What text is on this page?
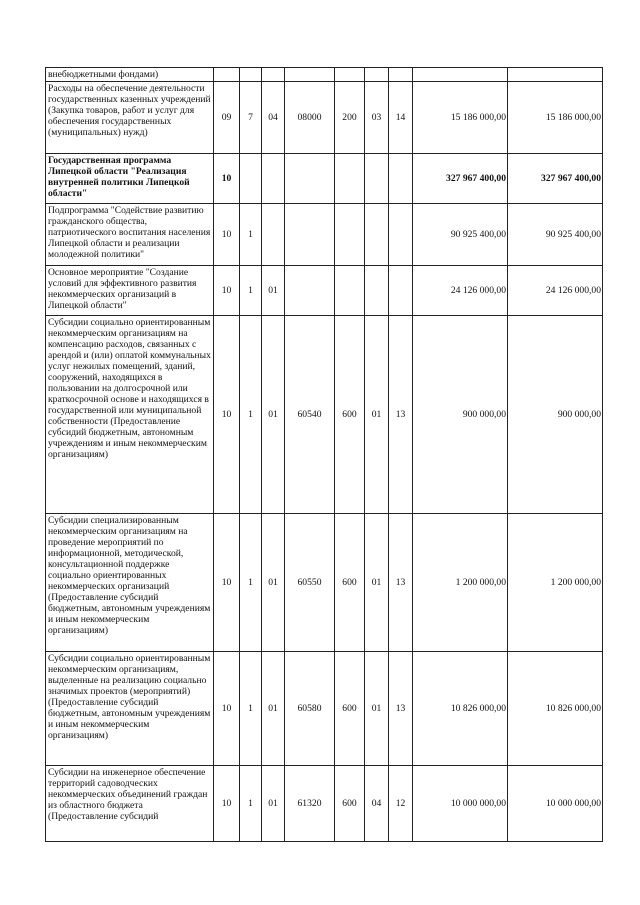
внебюджетными фондами)									
Расходы на обеспечение деятельности государственных казенных учреждений (Закупка товаров, работ и услуг для обеспечения государственных (муниципальных) нужд)	09	7	04	08000	200	03	14	15 186 000,00	15 186 000,00
Государственная программа Липецкой области "Реализация внутренней политики Липецкой области"	10							327 967 400,00	327 967 400,00
Подпрограмма "Содействие развитию гражданского общества, патриотического воспитания населения Липецкой области и реализации молодежной политики"	10	1						90 925 400,00	90 925 400,00
Основное мероприятие "Создание условий для эффективного развития некоммерческих организаций в Липецкой области"	10	1	01					24 126 000,00	24 126 000,00
Субсидии социально ориентированным некоммерческим организациям на компенсацию расходов, связанных с арендой и (или) оплатой коммунальных услуг нежилых помещений, зданий, сооружений, находящихся в пользовании на долгосрочной или краткосрочной основе и находящихся в государственной или муниципальной собственности (Предоставление субсидий бюджетным, автономным учреждениям и иным некоммерческим организациям)	10	1	01	60540	600	01	13	900 000,00	900 000,00
Субсидии специализированным некоммерческим организациям на проведение мероприятий по информационной, методической, консультационной поддержке социально ориентированных некоммерческих организаций (Предоставление субсидий бюджетным, автономным учреждениям и иным некоммерческим организациям)	10	1	01	60550	600	01	13	1 200 000,00	1 200 000,00
Субсидии социально ориентированным некоммерческим организациям, выделенные на реализацию социально значимых проектов (мероприятий) (Предоставление субсидий бюджетным, автономным учреждениям и иным некоммерческим организациям)	10	1	01	60580	600	01	13	10 826 000,00	10 826 000,00
Субсидии на инженерное обеспечение территорий садоводческих некоммерческих объединений граждан из областного бюджета (Предоставление субсидий	10	1	01	61320	600	04	12	10 000 000,00	10 000 000,00
